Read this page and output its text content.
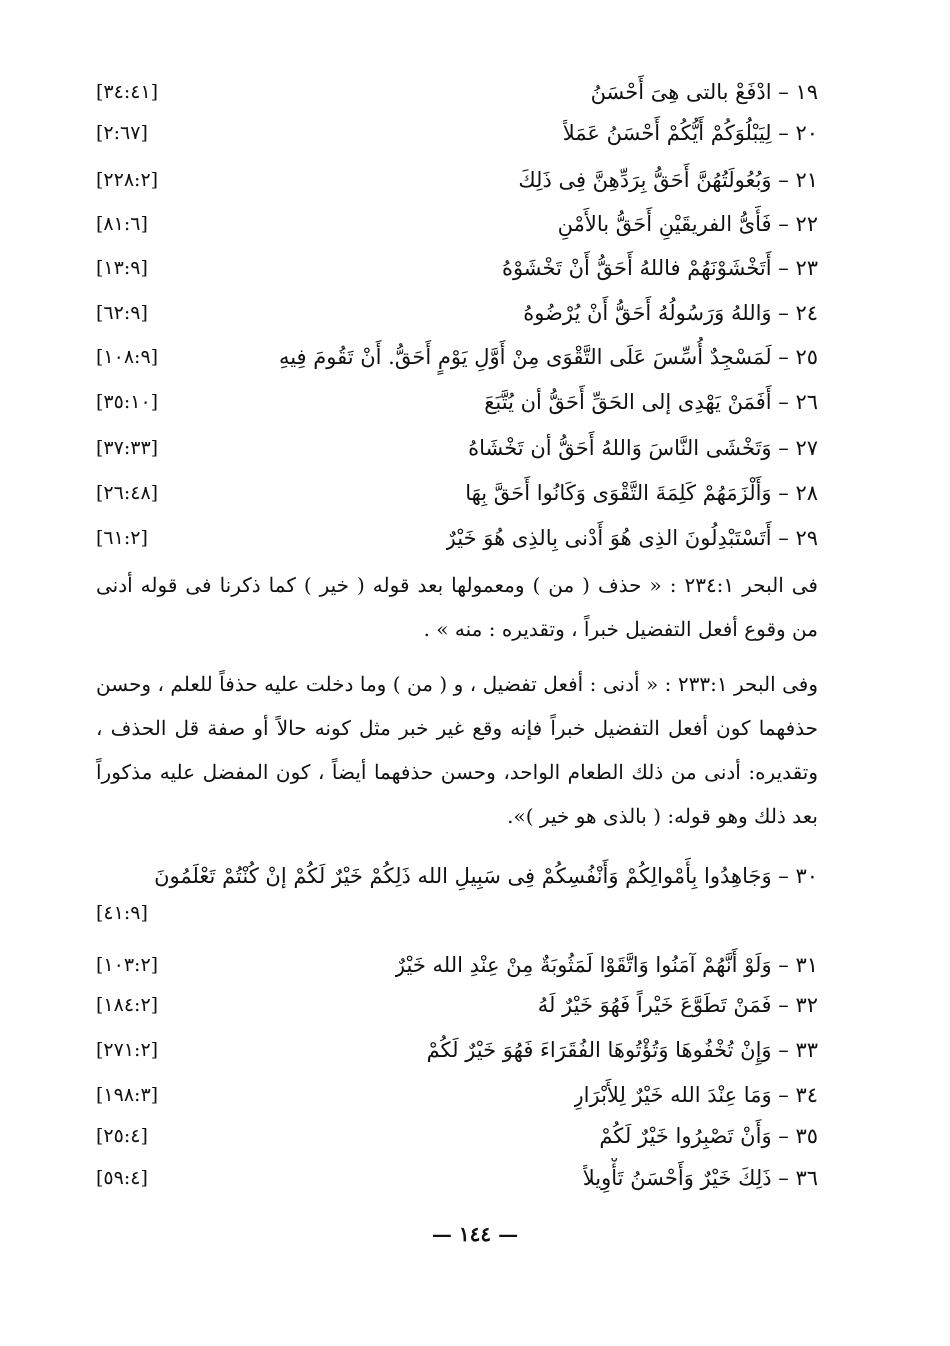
١٩ – ادْفَعْ بالتى هِىَ أَحْسَنُ
[٣٤:٤١]
٢٠ – لِيَبْلُوَكُمْ أَيُّكُمْ أَحْسَنُ عَمَلاً
[٢:٦٧]
٢١ – وَبُعُولَتُهُنَّ أَحَقُّ بِرَدِّهِنَّ فِى ذَلِكَ
[٢٢٨:٢]
٢٢ – فَأَىُّ الفريقَيْنِ أَحَقُّ بالأَمْنِ
[٨١:٦]
٢٣ – أَتَخْشَوْنَهُمْ فاللهُ أَحَقُّ أَنْ تَخْشَوْهُ
[١٣:٩]
٢٤ – وَاللهُ وَرَسُولُهُ أَحَقُّ أَنْ يُرْضُوهُ
[٦٢:٩]
٢٥ – لَمَسْجِدٌ أُسِّسَ عَلَى التَّقْوَى مِنْ أَوَّلِ يَوْمٍ أَحَقُّ. أَنْ تَقُومَ فِيهِ
[١٠٨:٩]
٢٦ – أَفَمَنْ يَهْدِى إلى الحَقِّ أَحَقُّ أن يُتَّبَعَ
[٣٥:١٠]
٢٧ – وَتَخْشَى النَّاسَ وَاللهُ أَحَقُّ أن تَخْشَاهُ
[٣٧:٣٣]
٢٨ – وَأَلْزَمَهُمْ كَلِمَةَ التَّقْوَى وَكَانُوا أَحَقَّ بِهَا
[٢٦:٤٨]
٢٩ – أَتَسْتَبْدِلُونَ الذِى هُوَ أَدْنى بِالذِى هُوَ خَيْرٌ
[٦١:٢]
فى البحر ٢٣٤:١ : « حذف ( من ) ومعمولها بعد قوله ( خير ) كما ذكرنا فى قوله أدنى من وقوع أفعل التفضيل خبراً ، وتقديره : منه » .
وفى البحر ٢٣٣:١ : « أدنى : أفعل تفضيل ، و ( من ) وما دخلت عليه حذفاً للعلم ، وحسن حذفهما كون أفعل التفضيل خبراً فإنه وقع غير خبر مثل كونه حالاً أو صفة قل الحذف ، وتقديره: أدنى من ذلك الطعام الواحد، وحسن حذفهما أيضاً ، كون المفضل عليه مذكوراً بعد ذلك وهو قوله: ( بالذى هو خير )».
٣٠ – وَجَاهِدُوا بِأَمْوالِكُمْ وَأَنْفُسِكُمْ فِى سَبِيلِ الله ذَلِكُمْ خَيْرٌ لَكُمْ إنْ كُنْتُمْ تَعْلَمُونَ
[٤١:٩]
٣١ – وَلَوْ أَنَّهُمْ آمَنُوا وَاتَّقَوْا لَمَثُوبَةٌ مِنْ عِنْدِ الله خَيْرٌ
[١٠٣:٢]
٣٢ – فَمَنْ تَطَوَّعَ خَيْراً فَهُوَ خَيْرٌ لَهُ
[١٨٤:٢]
٣٣ – وَإِنْ تُخْفُوهَا وَتُؤْتُوهَا الفُقَرَاءَ فَهُوَ خَيْرٌ لَكُمْ
[٢٧١:٢]
٣٤ – وَمَا عِنْدَ الله خَيْرٌ لِلأَبْرَارِ
[١٩٨:٣]
٣٥ – وَأَنْ تَصْبِرُوا خَيْرٌ لَكُمْ
[٢٥:٤]
٣٦ – ذَلِكَ خَيْرٌ وَأَحْسَنُ تَأْوِيلاً
[٥٩:٤]
— ١٤٤ —
